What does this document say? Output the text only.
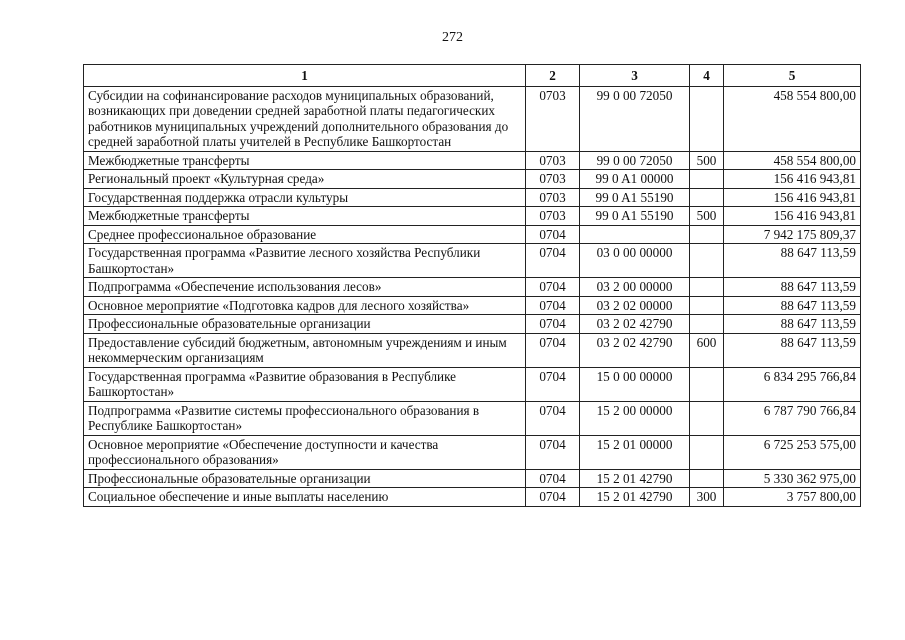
272
1	2	3	4	5
Субсидии на софинансирование расходов муниципальных образований, возникающих при доведении средней заработной платы педагогических работников муниципальных учреждений дополнительного образования до средней заработной платы учителей в Республике Башкортостан	0703	99 0 00 72050		458 554 800,00
Межбюджетные трансферты	0703	99 0 00 72050	500	458 554 800,00
Региональный проект «Культурная среда»	0703	99 0 A1 00000		156 416 943,81
Государственная поддержка отрасли культуры	0703	99 0 A1 55190		156 416 943,81
Межбюджетные трансферты	0703	99 0 A1 55190	500	156 416 943,81
Среднее профессиональное образование	0704			7 942 175 809,37
Государственная программа «Развитие лесного хозяйства Республики Башкортостан»	0704	03 0 00 00000		88 647 113,59
Подпрограмма «Обеспечение использования лесов»	0704	03 2 00 00000		88 647 113,59
Основное мероприятие «Подготовка кадров для лесного хозяйства»	0704	03 2 02 00000		88 647 113,59
Профессиональные образовательные организации	0704	03 2 02 42790		88 647 113,59
Предоставление субсидий бюджетным, автономным учреждениям и иным некоммерческим организациям	0704	03 2 02 42790	600	88 647 113,59
Государственная программа «Развитие образования в Республике Башкортостан»	0704	15 0 00 00000		6 834 295 766,84
Подпрограмма «Развитие системы профессионального образования в Республике Башкортостан»	0704	15 2 00 00000		6 787 790 766,84
Основное мероприятие «Обеспечение доступности и качества профессионального образования»	0704	15 2 01 00000		6 725 253 575,00
Профессиональные образовательные организации	0704	15 2 01 42790		5 330 362 975,00
Социальное обеспечение и иные выплаты населению	0704	15 2 01 42790	300	3 757 800,00
